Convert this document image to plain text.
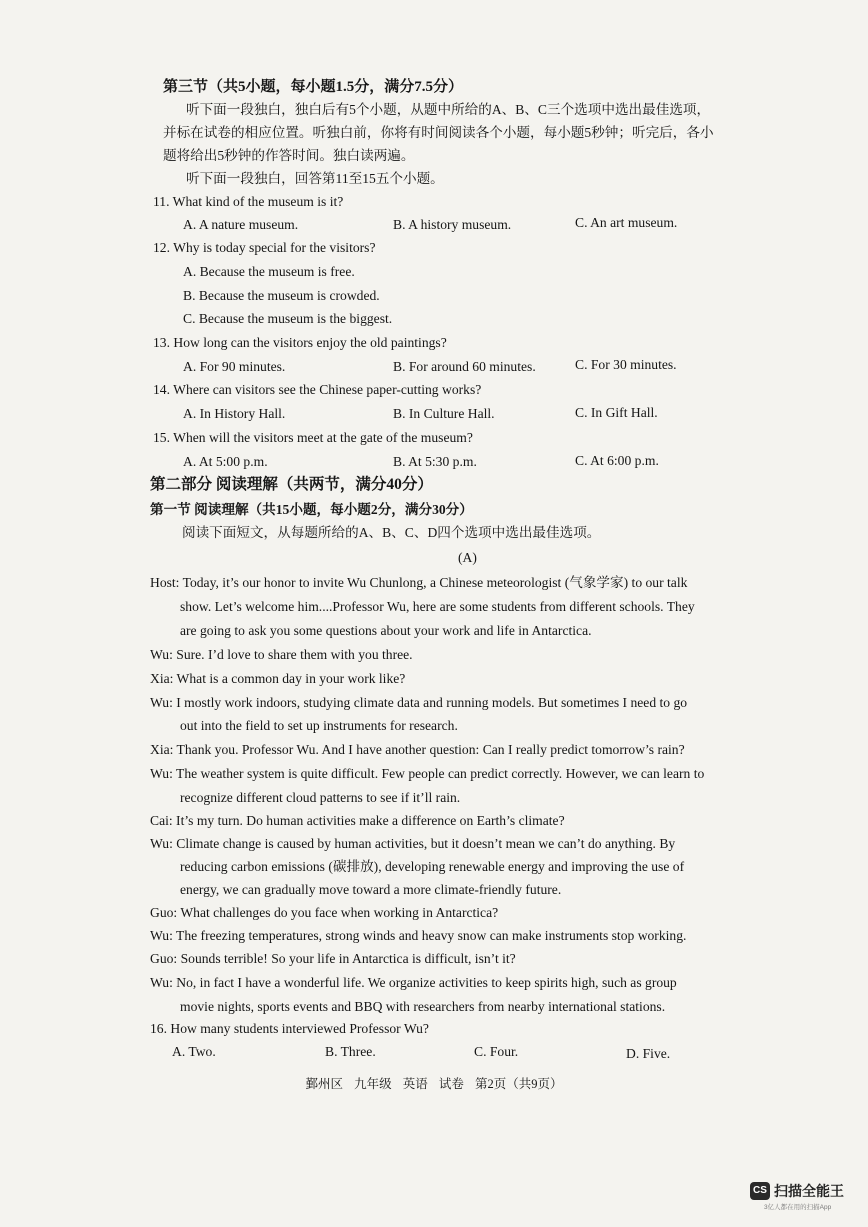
第三节（共5小题，每小题1.5分，满分7.5分）
听下面一段独白，独白后有5个小题，从题中所给的A、B、C三个选项中选出最佳选项，
并标在试卷的相应位置。听独白前，你将有时间阅读各个小题，每小题5秒钟；听完后，各小
题将给出5秒钟的作答时间。独白读两遍。
听下面一段独白，回答第11至15五个小题。
11. What kind of the museum is it?
A. A nature museum.	B. A history museum.	C. An art museum.
12. Why is today special for the visitors?
A. Because the museum is free.
B. Because the museum is crowded.
C. Because the museum is the biggest.
13. How long can the visitors enjoy the old paintings?
A. For 90 minutes.	B. For around 60 minutes.	C. For 30 minutes.
14. Where can visitors see the Chinese paper-cutting works?
A. In History Hall.	B. In Culture Hall.	C. In Gift Hall.
15. When will the visitors meet at the gate of the museum?
A. At 5:00 p.m.	B. At 5:30 p.m.	C. At 6:00 p.m.
第二部分 阅读理解（共两节，满分40分）
第一节 阅读理解（共15小题，每小题2分，满分30分）
阅读下面短文，从每题所给的A、B、C、D四个选项中选出最佳选项。
(A)
Host: Today, it’s our honor to invite Wu Chunlong, a Chinese meteorologist (气象学家) to our talk
show. Let’s welcome him....Professor Wu, here are some students from different schools. They
are going to ask you some questions about your work and life in Antarctica.
Wu: Sure. I’d love to share them with you three.
Xia: What is a common day in your work like?
Wu: I mostly work indoors, studying climate data and running models. But sometimes I need to go
out into the field to set up instruments for research.
Xia: Thank you. Professor Wu. And I have another question: Can I really predict tomorrow’s rain?
Wu: The weather system is quite difficult. Few people can predict correctly. However, we can learn to
recognize different cloud patterns to see if it’ll rain.
Cai: It’s my turn. Do human activities make a difference on Earth’s climate?
Wu: Climate change is caused by human activities, but it doesn’t mean we can’t do anything. By
reducing carbon emissions (碳排放), developing renewable energy and improving the use of
energy, we can gradually move toward a more climate-friendly future.
Guo: What challenges do you face when working in Antarctica?
Wu: The freezing temperatures, strong winds and heavy snow can make instruments stop working.
Guo: Sounds terrible! So your life in Antarctica is difficult, isn’t it?
Wu: No, in fact I have a wonderful life. We organize activities to keep spirits high, such as group
movie nights, sports events and BBQ with researchers from nearby international stations.
16. How many students interviewed Professor Wu?
A. Two.	B. Three.	C. Four.	D. Five.
鄞州区 九年级 英语 试卷 第2页（共9页）
CS 扫描全能王
3亿人都在用的扫描App
